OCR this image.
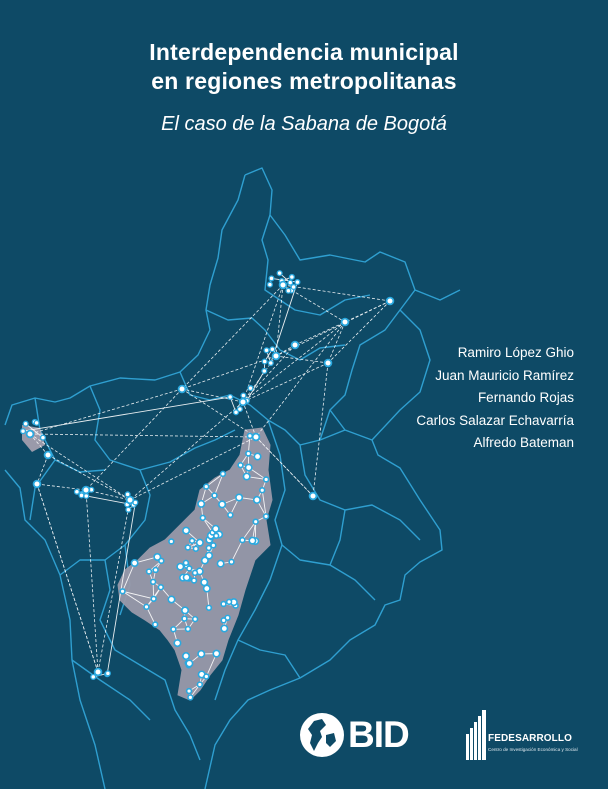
Interdependencia municipal
en regiones metropolitanas
El caso de la Sabana de Bogotá
Ramiro López Ghio
Juan Mauricio Ramírez
Fernando Rojas
Carlos Salazar Echavarría
Alfredo Bateman
BID	FEDESARROLLO
Centro de Investigación Económica y Social
